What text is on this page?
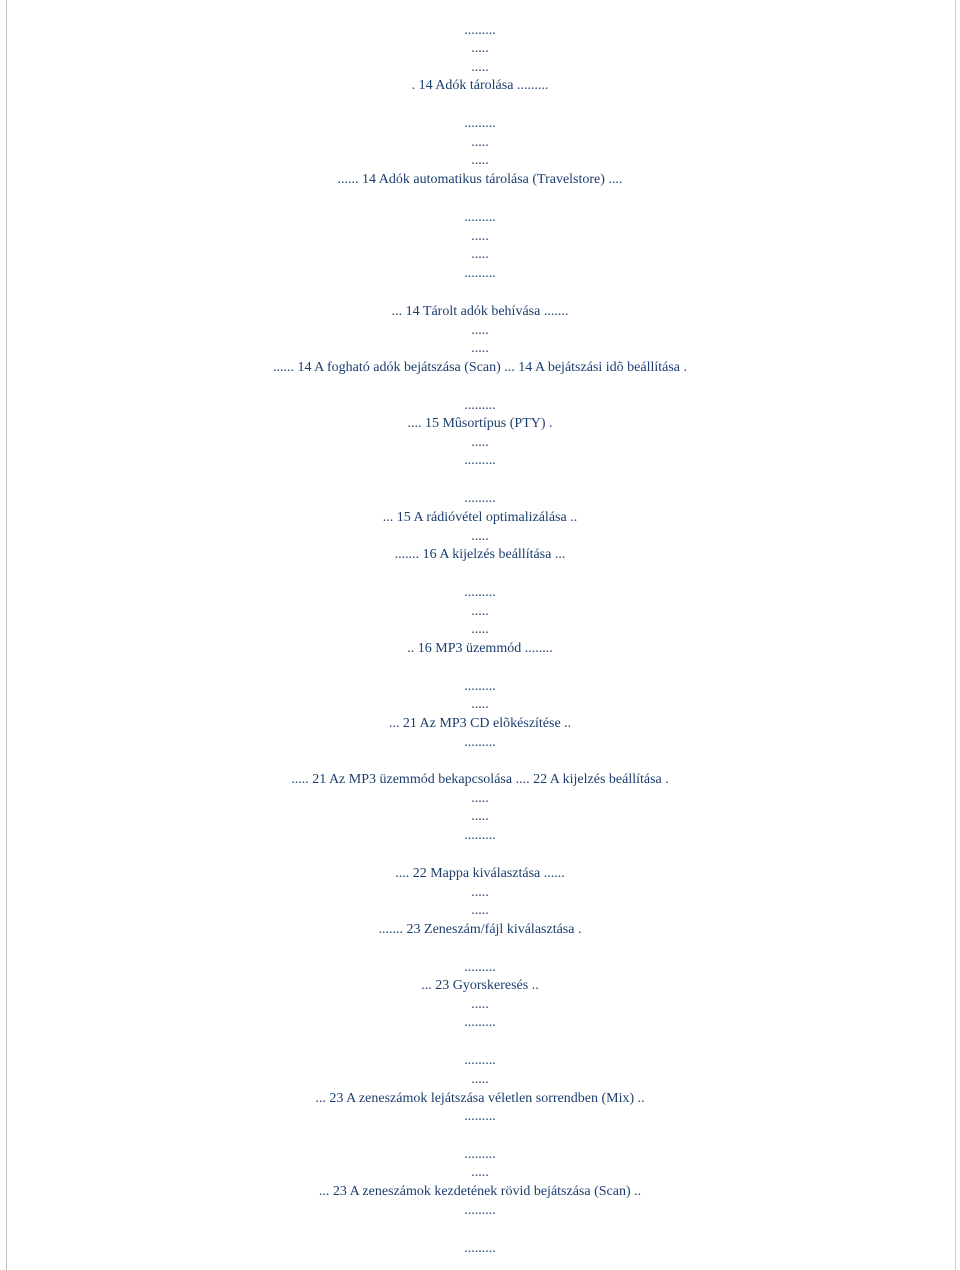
.........
.....
.....
. 14 Adók tárolása .........
.........
.....
.....
...... 14 Adók automatikus tárolása (Travelstore) ....
.........
.....
.....
.........
... 14 Tárolt adók behívása .......
.....
.....
...... 14 A fogható adók bejátszása (Scan) ... 14 A bejátszási idõ beállítása .
.........
.... 15 Mûsortípus (PTY) .
.....
.........
.........
... 15 A rádióvétel optimalizálása ..
.....
....... 16 A kijelzés beállítása ...
.........
.....
.....
.. 16 MP3 üzemmód ........
.........
.....
... 21 Az MP3 CD elõkészítése ..
.........
..... 21 Az MP3 üzemmód bekapcsolása .... 22 A kijelzés beállítása .
.....
.....
.........
.... 22 Mappa kiválasztása ......
.....
.....
....... 23 Zeneszám/fájl kiválasztása .
.........
... 23 Gyorskeresés ..
.....
.........
.........
.....
... 23 A zeneszámok lejátszása véletlen sorrendben (Mix) ..
.........
.........
.....
... 23 A zeneszámok kezdetének rövid bejátszása (Scan) ..
.........
.........
